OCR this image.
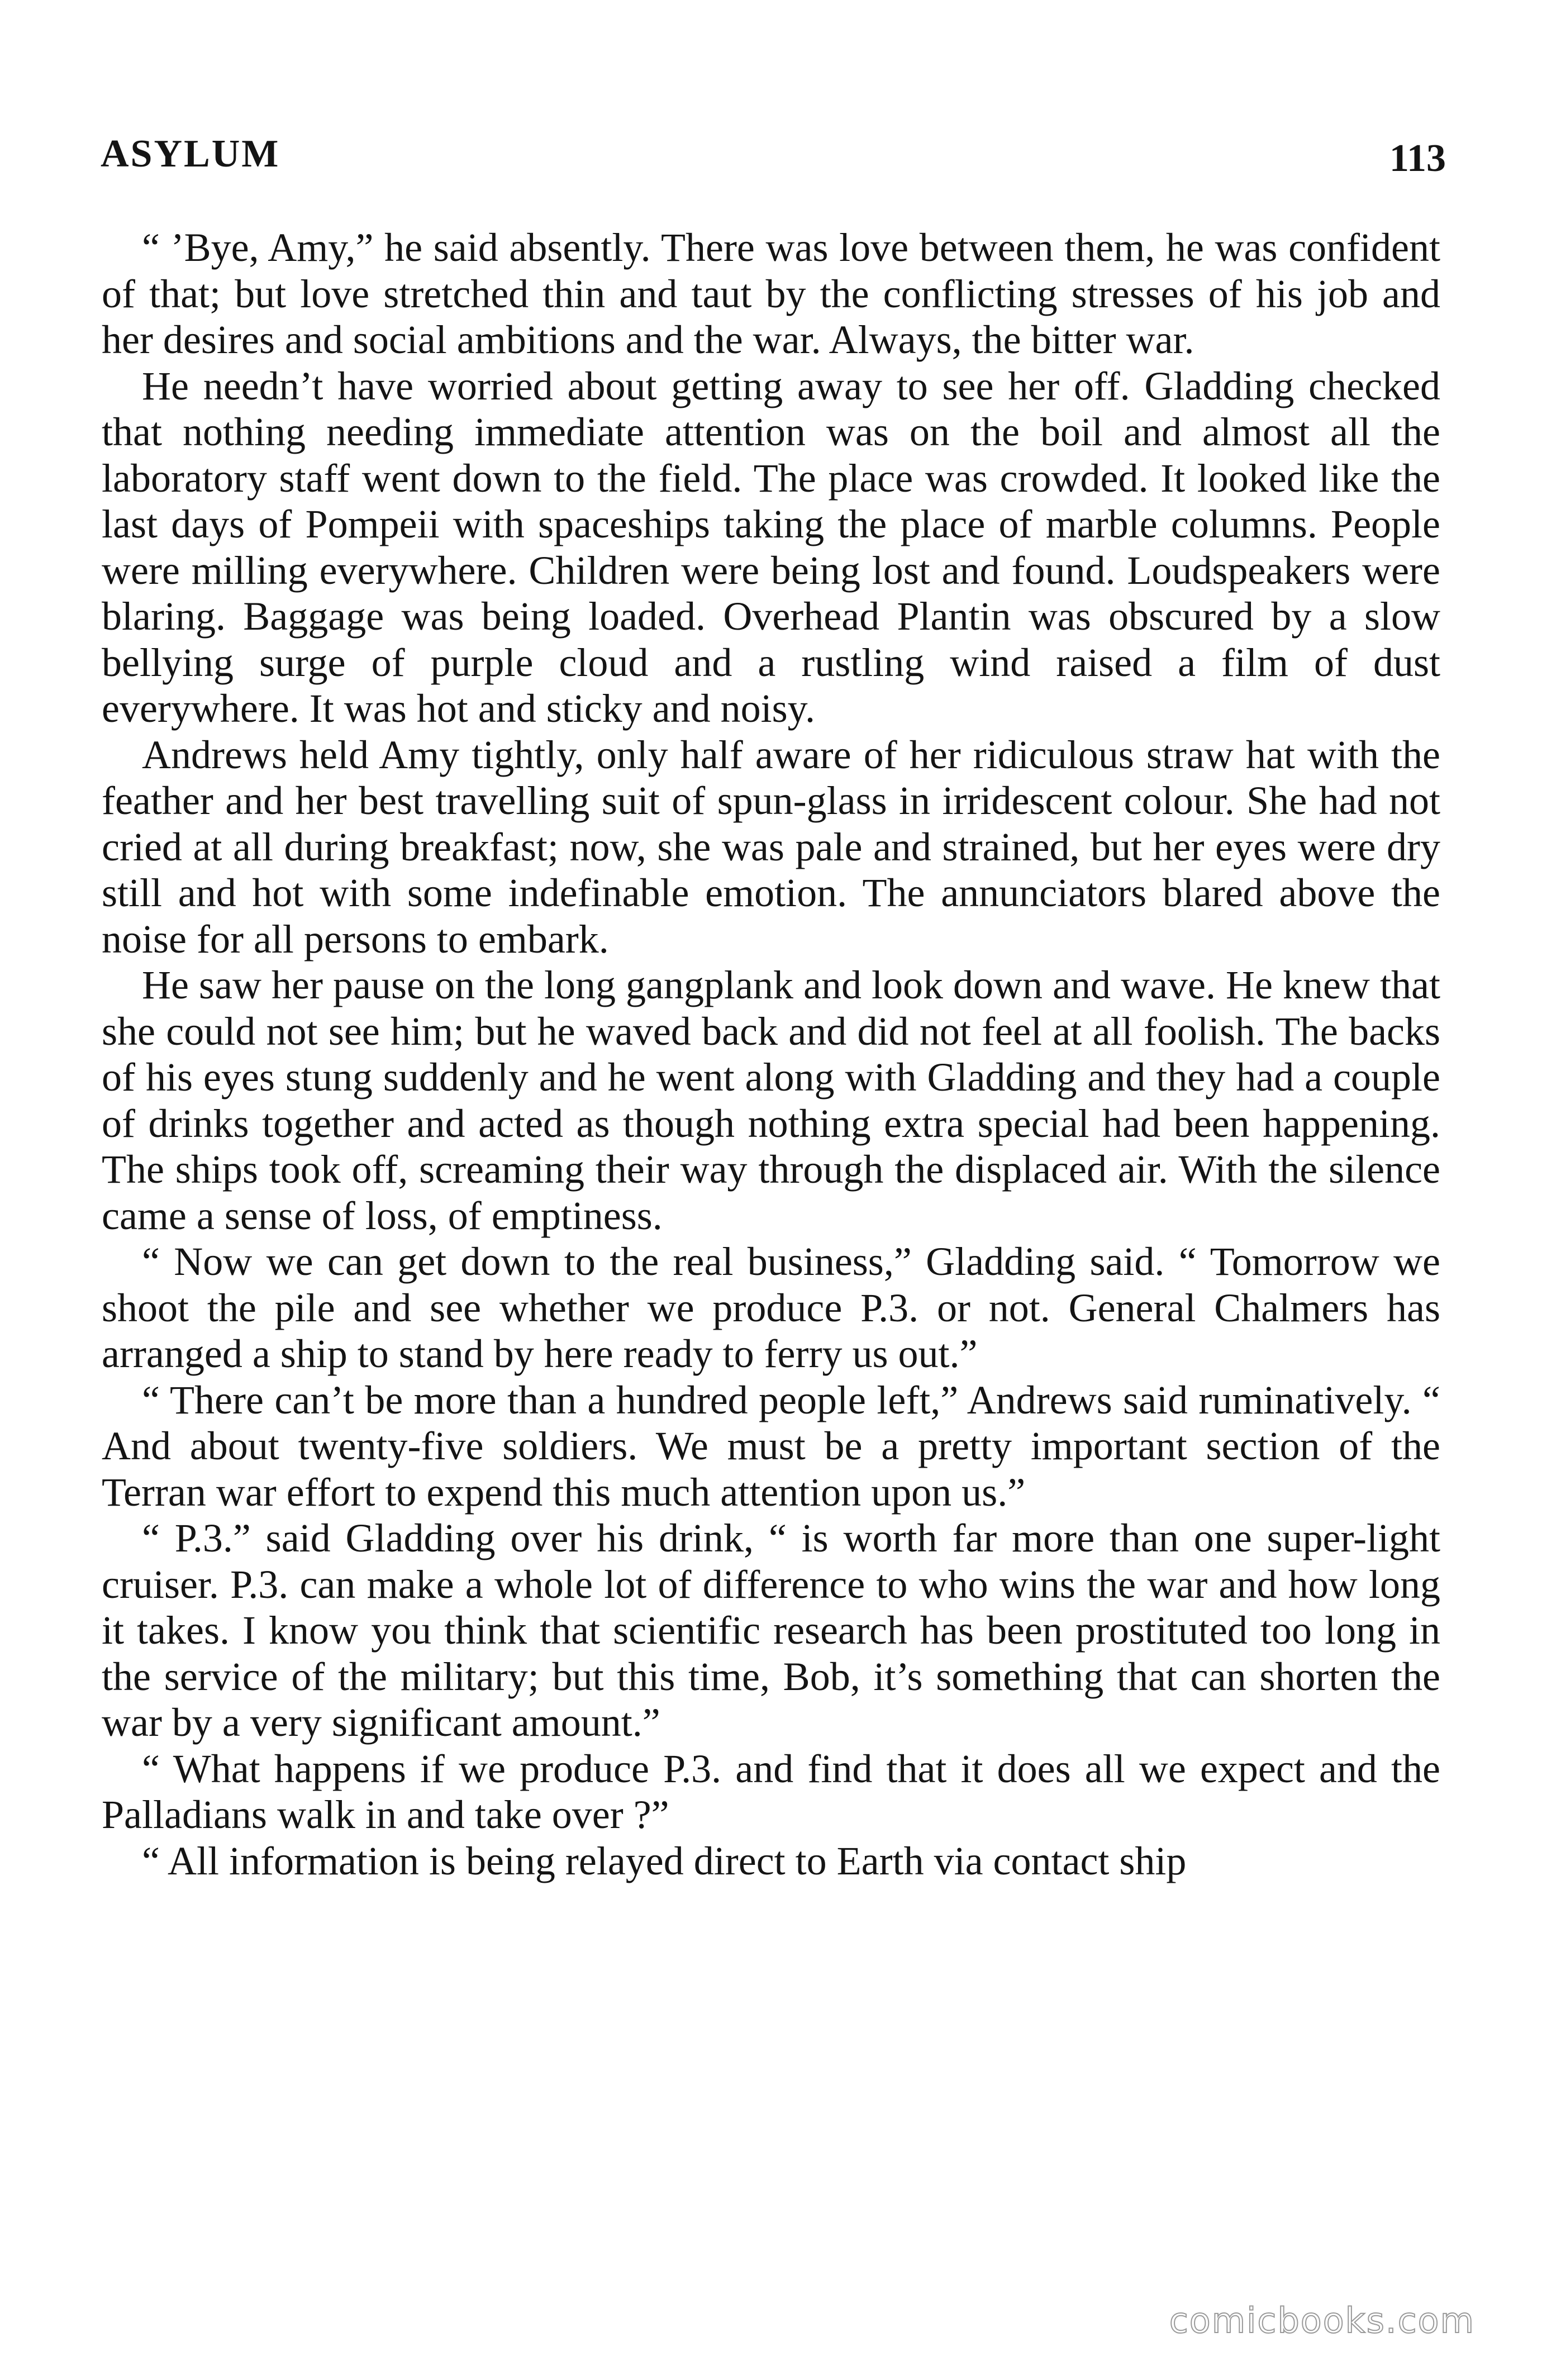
ASYLUM	113

“ ’Bye, Amy,” he said absently. There was love between them, he was confident of that; but love stretched thin and taut by the conflicting stresses of his job and her desires and social ambitions and the war. Always, the bitter war.

He needn’t have worried about getting away to see her off. Gladding checked that nothing needing immediate attention was on the boil and almost all the laboratory staff went down to the field. The place was crowded. It looked like the last days of Pompeii with spaceships taking the place of marble columns. People were milling everywhere. Children were being lost and found. Loudspeakers were blaring. Baggage was being loaded. Overhead Plantin was obscured by a slow bellying surge of purple cloud and a rustling wind raised a film of dust everywhere. It was hot and sticky and noisy.

Andrews held Amy tightly, only half aware of her ridiculous straw hat with the feather and her best travelling suit of spun-glass in irridescent colour. She had not cried at all during breakfast; now, she was pale and strained, but her eyes were dry still and hot with some indefinable emotion. The annunciators blared above the noise for all persons to embark.

He saw her pause on the long gangplank and look down and wave. He knew that she could not see him; but he waved back and did not feel at all foolish. The backs of his eyes stung suddenly and he went along with Gladding and they had a couple of drinks together and acted as though nothing extra special had been happening. The ships took off, screaming their way through the displaced air. With the silence came a sense of loss, of emptiness.

“ Now we can get down to the real business,” Gladding said. “ Tomorrow we shoot the pile and see whether we produce P.3. or not. General Chalmers has arranged a ship to stand by here ready to ferry us out.”

“ There can’t be more than a hundred people left,” Andrews said ruminatively. “ And about twenty-five soldiers. We must be a pretty important section of the Terran war effort to expend this much attention upon us.”

“ P.3.” said Gladding over his drink, “ is worth far more than one super-light cruiser. P.3. can make a whole lot of difference to who wins the war and how long it takes. I know you think that scientific research has been prostituted too long in the service of the military; but this time, Bob, it’s something that can shorten the war by a very significant amount.”

“ What happens if we produce P.3. and find that it does all we expect and the Palladians walk in and take over ?”

“ All information is being relayed direct to Earth via contact ship

comicbooks.com
